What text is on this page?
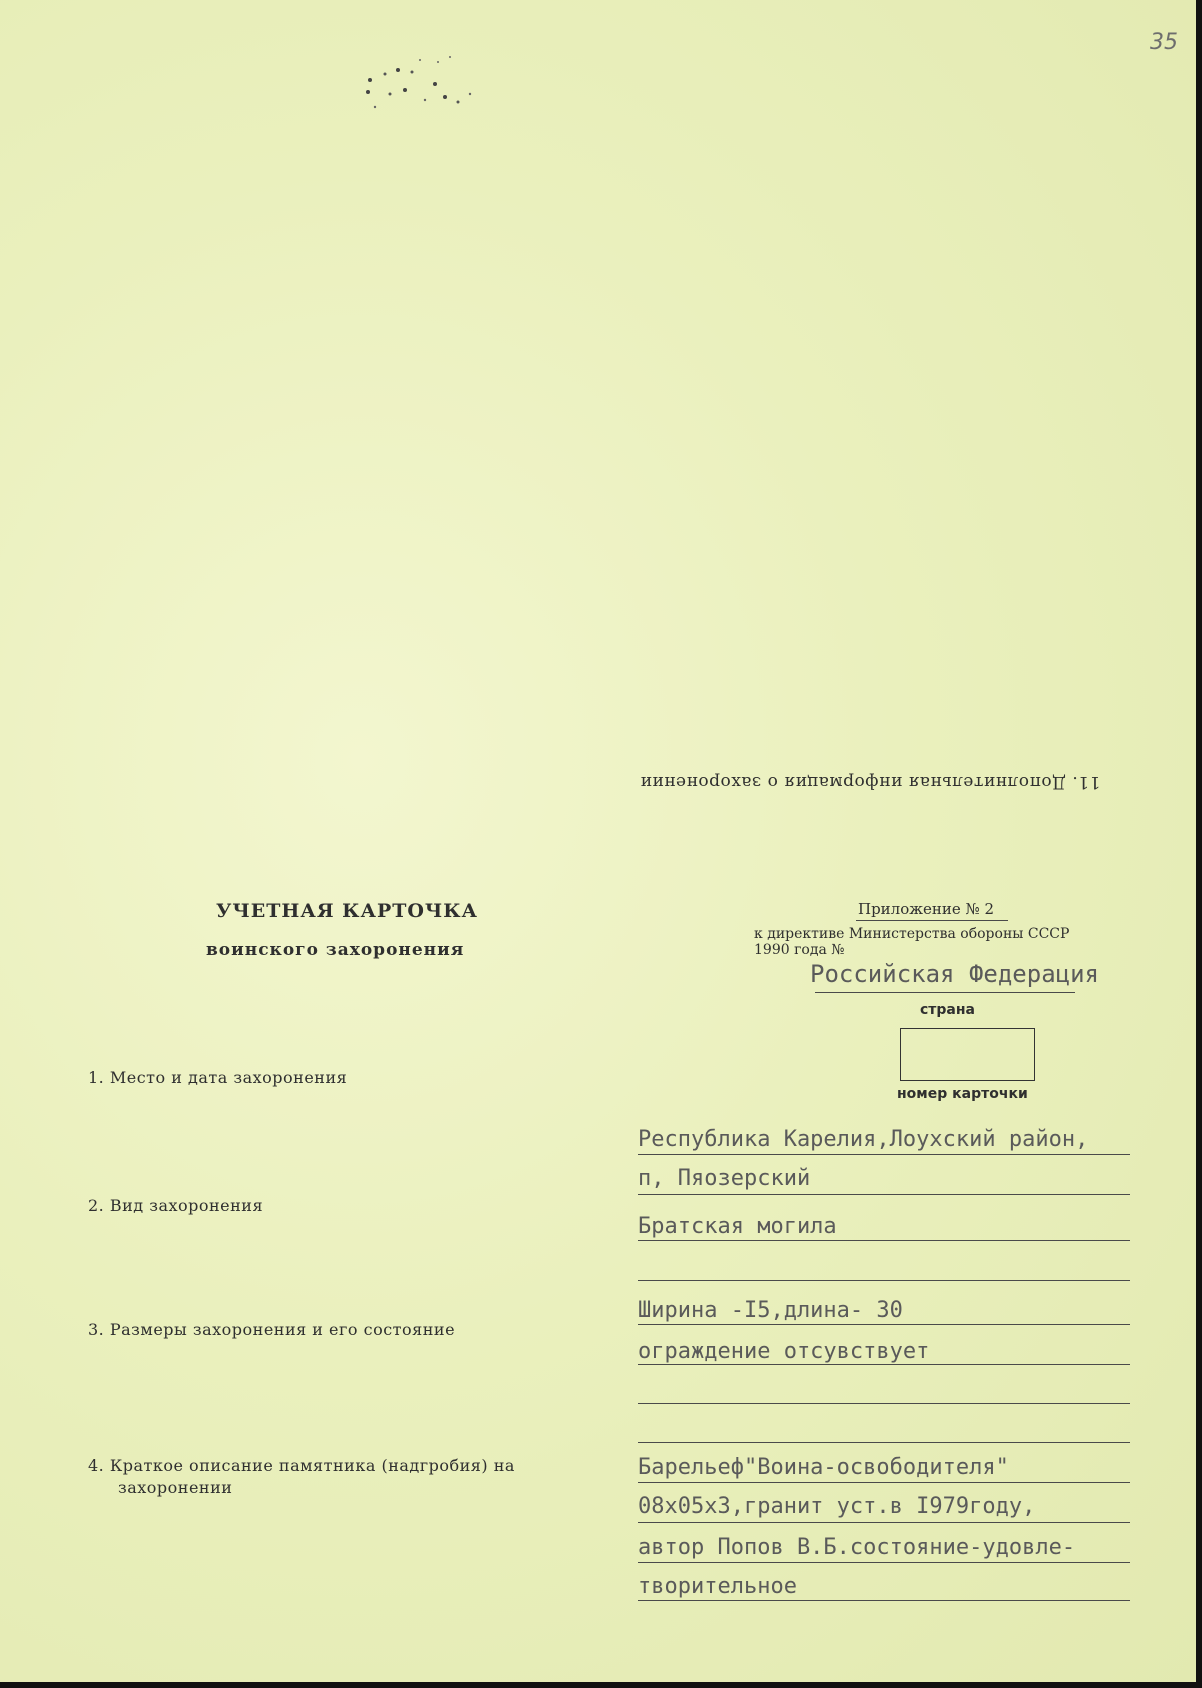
35
11. Дополнительная информация о захоронении
УЧЕТНАЯ КАРТОЧКА
воинского захоронения
Приложение № 2
к директиве Министерства обороны СССР
1990 года №
Российская Федерация
страна
номер карточки
1. Место и дата захоронения
Республика Карелия,Лоухский район,
п, Пяозерский
2. Вид захоронения
Братская могила
3. Размеры захоронения и его состояние
Ширина -I5,длина- 30
ограждение отсувствует
4. Краткое описание памятника (надгробия) на
захоронении
Барельеф"Воина-освободителя"
08х05х3,гранит уст.в I979году,
автор Попов В.Б.состояние-удовле-
творительное
